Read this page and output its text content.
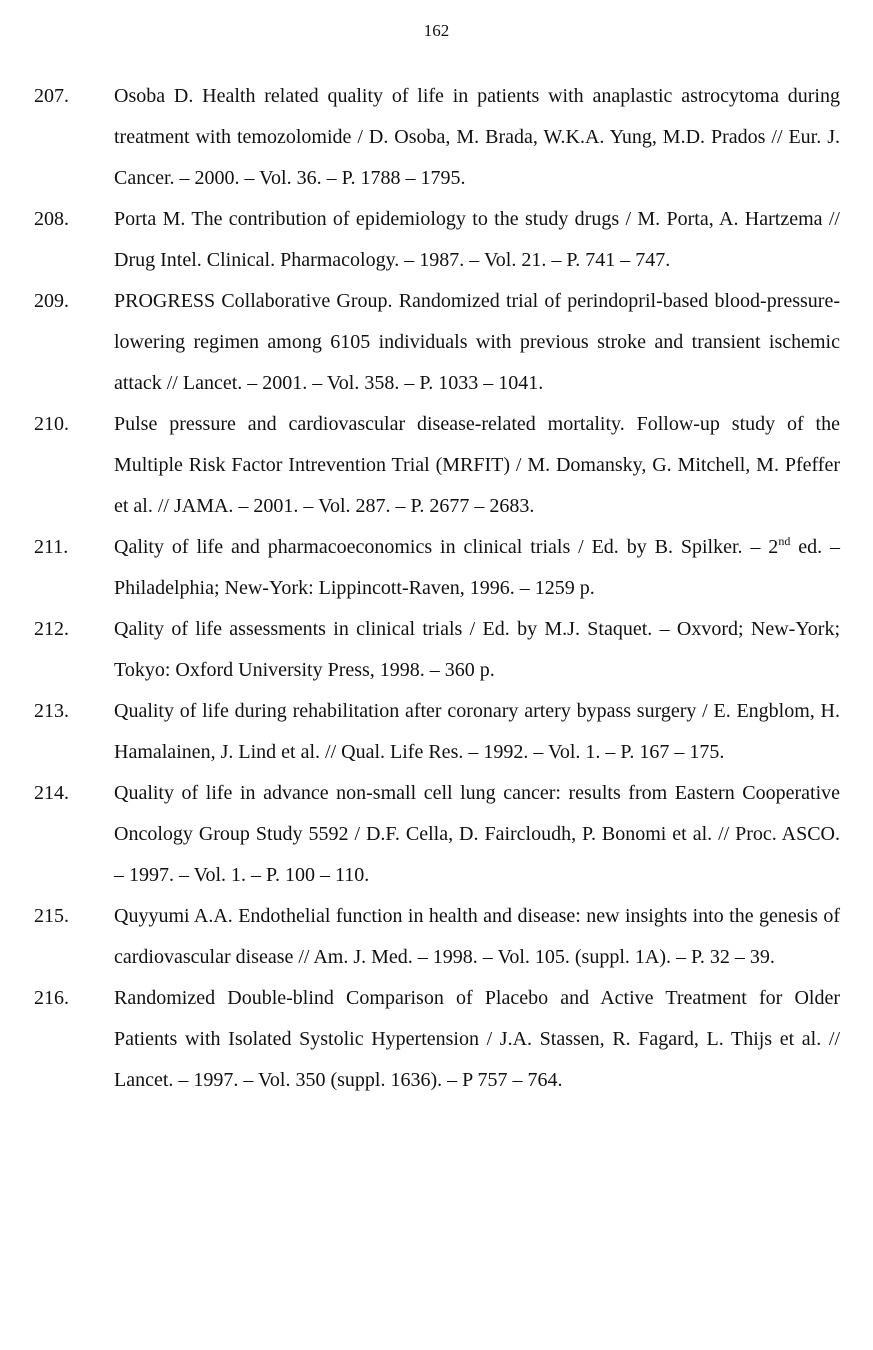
162
207.	Osoba D. Health related quality of life in patients with anaplastic astrocytoma during treatment with temozolomide / D. Osoba, M. Brada, W.K.A. Yung, M.D. Prados // Eur. J. Cancer. – 2000. – Vol. 36. – P. 1788 – 1795.
208.	Porta M. The contribution of epidemiology to the study drugs / M. Porta, A. Hartzema // Drug Intel. Clinical. Pharmacology. – 1987. – Vol. 21. – P. 741 – 747.
209.	PROGRESS Collaborative Group. Randomized trial of perindopril-based blood-pressure-lowering regimen among 6105 individuals with previous stroke and transient ischemic attack // Lancet. – 2001. – Vol. 358. – P. 1033 – 1041.
210.	Pulse pressure and cardiovascular disease-related mortality. Follow-up study of the Multiple Risk Factor Intrevention Trial (MRFIT) / M. Domansky, G. Mitchell, M. Pfeffer et al. // JAMA. – 2001. – Vol. 287. – P. 2677 – 2683.
211.	Qality of life and pharmacoeconomics in clinical trials / Ed. by B. Spilker. – 2nd ed. – Philadelphia; New-York: Lippincott-Raven, 1996. – 1259 p.
212.	Qality of life assessments in clinical trials / Ed. by M.J. Staquet. – Oxvord; New-York; Tokyo: Oxford University Press, 1998. – 360 p.
213.	Quality of life during rehabilitation after coronary artery bypass surgery / E. Engblom, H. Hamalainen, J. Lind et al. // Qual. Life Res. – 1992. – Vol. 1. – P. 167 – 175.
214.	Quality of life in advance non-small cell lung cancer: results from Eastern Cooperative Oncology Group Study 5592 / D.F. Cella, D. Faircloudh, P. Bonomi et al. // Proc. ASCO. – 1997. – Vol. 1. – P. 100 – 110.
215.	Quyyumi A.A. Endothelial function in health and disease: new insights into the genesis of cardiovascular disease // Am. J. Med. – 1998. – Vol. 105. (suppl. 1A). – P. 32 – 39.
216.	Randomized Double-blind Comparison of Placebo and Active Treatment for Older Patients with Isolated Systolic Hypertension / J.A. Stassen, R. Fagard, L. Thijs et al. // Lancet. – 1997. – Vol. 350 (suppl. 1636). – P 757 – 764.
